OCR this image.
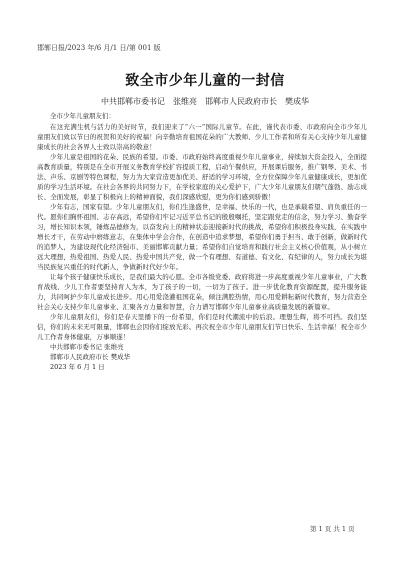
邯郸日报/2023 年/6 月/1 日/第 001 版
致全市少年儿童的一封信
中共邯郸市委书记　张维亮　邯郸市人民政府市长　樊成华

全市少年儿童朋友们：

在这充满生机与活力的美好时节，我们迎来了“六一”国际儿童节。在此，谨代表市委、市政府向全市少年儿童朋友们致以节日的祝贺和美好的祝福！向辛勤培育祖国花朵的广大教师、少儿工作者和所有关心支持少年儿童健康成长的社会各界人士致以崇高的敬意！

少年儿童是祖国的花朵、民族的希望。市委、市政府始终高度重视少年儿童事业，持续加大资金投入，全面提高教育质量，特别是在全市开展义务教育学校扩容提质工程，启动午餐供应，开展课后服务，推广钢琴、美术、书法、声乐、京剧等特色课程，努力为大家营造更加优美、舒适的学习环境，全方位保障少年儿童健康成长，更加优质的学习生活环境。在社会各界的共同努力下，在学校家庭的关心爱护下，广大少年儿童朋友们朝气蓬勃、励志成长、全面发展，彰显了积极向上的精神面貌，我们深感欣慰，更为你们感到骄傲！

少年有志，国家有望。少年儿童朋友们，你们生逢盛世，是幸福、快乐的一代，也是承载希望、肩负重任的一代。愿你们胸怀祖国、志存高远，希望你们牢记习近平总书记的殷殷嘱托，坚定跟党走的信念，努力学习、勤奋学习，增长知识本领，锤炼品德修为，以奋发向上的精神状态迎接新时代的挑战，希望你们积极投身实践，在实践中增长才干，在劳动中磨练意志，在集体中学会合作，在创造中追求梦想，希望你们勇于担当、敢于创新，做新时代的追梦人，为建设现代化经济强市、美丽邯郸贡献力量；希望你们自觉培育和践行社会主义核心价值观，从小树立远大理想，热爱祖国、热爱人民、热爱中国共产党，做一个有理想、有道德、有文化、有纪律的人，努力成长为堪当民族复兴重任的时代新人，争做新时代好少年。

让每个孩子健康快乐成长，是我们最大的心愿。全市各级党委、政府将进一步高度重视少年儿童事业，广大教育战线、少儿工作者要坚持育人为本，为了孩子的一切，一切为了孩子。进一步优化教育资源配置，提升服务能力，共同呵护少年儿童成长进步。用心用爱浇灌祖国花朵，倾注满腔热情，用心用爱耕耘新时代教育，努力营造全社会关心支持少年儿童事业、汇聚各方力量和智慧，合力谱写邯郸少年儿童事业高质量发展的新篇章。

少年儿童朋友们，你们是春天里播下的一份希望，你们是时代潮流中的后浪。理想生辉，将不可挡。我们坚信，你们的未来无可限量，邯郸也会因你们绽放光彩。再次祝全市少年儿童朋友们节日快乐、生活幸福！祝全市少儿工作者身体健康，万事顺遂！

中共邯郸市委书记 张维亮

邯郸市人民政府市长 樊成华

2023 年 6 月 1 日

第 1 页 共 1 页
